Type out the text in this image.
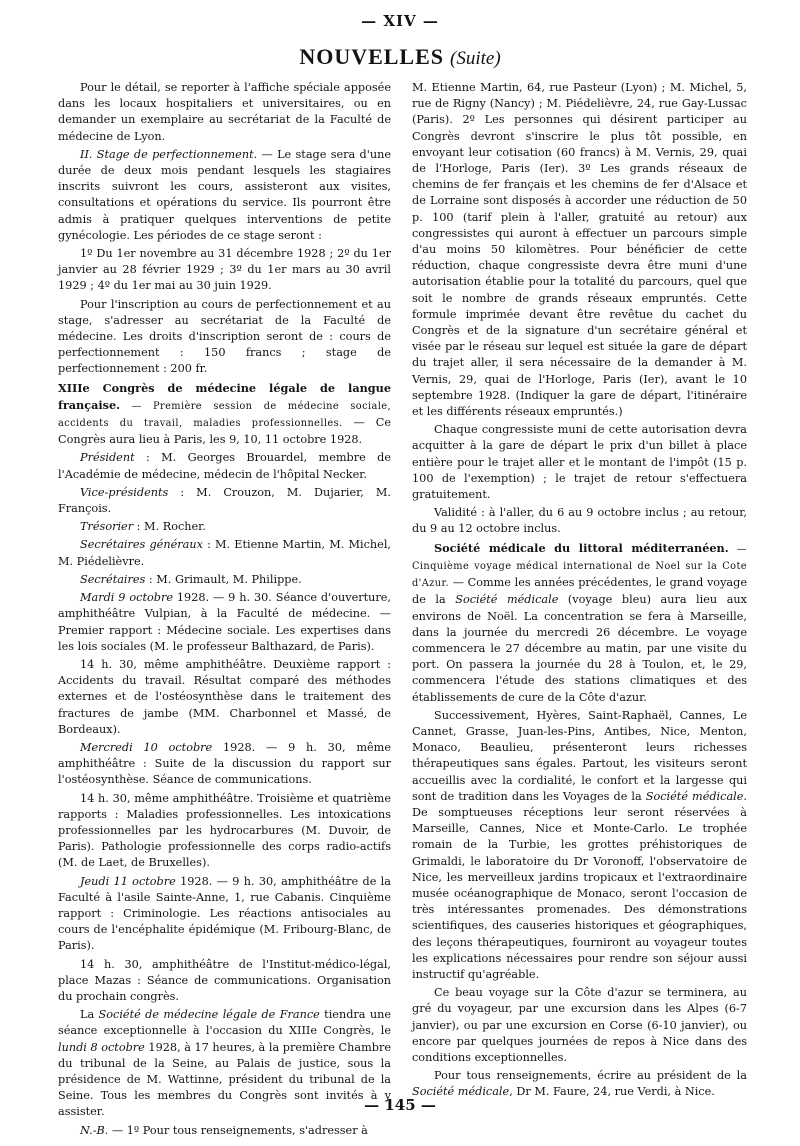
— XIV —
NOUVELLES (Suite)

Pour le détail, se reporter à l'affiche spéciale apposée dans les locaux hospitaliers et universitaires, ou en demander un exemplaire au secrétariat de la Faculté de médecine de Lyon.

II. Stage de perfectionnement. — Le stage sera d'une durée de deux mois pendant lesquels les stagiaires inscrits suivront les cours, assisteront aux visites, consultations et opérations du service. Ils pourront être admis à pratiquer quelques interventions de petite gynécologie. Les périodes de ce stage seront :

1º Du 1er novembre au 31 décembre 1928 ; 2º du 1er janvier au 28 février 1929 ; 3º du 1er mars au 30 avril 1929 ; 4º du 1er mai au 30 juin 1929.

Pour l'inscription au cours de perfectionnement et au stage, s'adresser au secrétariat de la Faculté de médecine. Les droits d'inscription seront de : cours de perfectionnement : 150 francs ; stage de perfectionnement : 200 fr.

XIIIe Congrès de médecine légale de langue française. — Première session de médecine sociale, accidents du travail, maladies professionnelles. — Ce Congrès aura lieu à Paris, les 9, 10, 11 octobre 1928.

Président : M. Georges Brouardel, membre de l'Académie de médecine, médecin de l'hôpital Necker.

Vice-présidents : M. Crouzon, M. Dujarier, M. François.

Trésorier : M. Rocher.

Secrétaires généraux : M. Etienne Martin, M. Michel, M. Piédelièvre.

Secrétaires : M. Grimault, M. Philippe.

Mardi 9 octobre 1928. — 9 h. 30. Séance d'ouverture, amphithéâtre Vulpian, à la Faculté de médecine. — Premier rapport : Médecine sociale. Les expertises dans les lois sociales (M. le professeur Balthazard, de Paris).

14 h. 30, même amphithéâtre. Deuxième rapport : Accidents du travail. Résultat comparé des méthodes externes et de l'ostéosynthèse dans le traitement des fractures de jambe (MM. Charbonnel et Massé, de Bordeaux).

Mercredi 10 octobre 1928. — 9 h. 30, même amphithéâtre : Suite de la discussion du rapport sur l'ostéosynthèse. Séance de communications.

14 h. 30, même amphithéâtre. Troisième et quatrième rapports : Maladies professionnelles. Les intoxications professionnelles par les hydrocarbures (M. Duvoir, de Paris). Pathologie professionnelle des corps radio-actifs (M. de Laet, de Bruxelles).

Jeudi 11 octobre 1928. — 9 h. 30, amphithéâtre de la Faculté à l'asile Sainte-Anne, 1, rue Cabanis. Cinquième rapport : Criminologie. Les réactions antisociales au cours de l'encéphalite épidémique (M. Fribourg-Blanc, de Paris).

14 h. 30, amphithéâtre de l'Institut-médico-légal, place Mazas : Séance de communications. Organisation du prochain congrès.

La Société de médecine légale de France tiendra une séance exceptionnelle à l'occasion du XIIIe Congrès, le lundi 8 octobre 1928, à 17 heures, à la première Chambre du tribunal de la Seine, au Palais de justice, sous la présidence de M. Wattinne, président du tribunal de la Seine. Tous les membres du Congrès sont invités à y assister.

N.-B. — 1º Pour tous renseignements, s'adresser à

M. Etienne Martin, 64, rue Pasteur (Lyon) ; M. Michel, 5, rue de Rigny (Nancy) ; M. Piédelièvre, 24, rue Gay-Lussac (Paris). 2º Les personnes qui désirent participer au Congrès devront s'inscrire le plus tôt possible, en envoyant leur cotisation (60 francs) à M. Vernis, 29, quai de l'Horloge, Paris (Ier). 3º Les grands réseaux de chemins de fer français et les chemins de fer d'Alsace et de Lorraine sont disposés à accorder une réduction de 50 p. 100 (tarif plein à l'aller, gratuité au retour) aux congressistes qui auront à effectuer un parcours simple d'au moins 50 kilomètres. Pour bénéficier de cette réduction, chaque congressiste devra être muni d'une autorisation établie pour la totalité du parcours, quel que soit le nombre de grands réseaux empruntés. Cette formule imprimée devant être revêtue du cachet du Congrès et de la signature d'un secrétaire général et visée par le réseau sur lequel est située la gare de départ du trajet aller, il sera nécessaire de la demander à M. Vernis, 29, quai de l'Horloge, Paris (Ier), avant le 10 septembre 1928. (Indiquer la gare de départ, l'itinéraire et les différents réseaux empruntés.)

Chaque congressiste muni de cette autorisation devra acquitter à la gare de départ le prix d'un billet à place entière pour le trajet aller et le montant de l'impôt (15 p. 100 de l'exemption) ; le trajet de retour s'effectuera gratuitement.

Validité : à l'aller, du 6 au 9 octobre inclus ; au retour, du 9 au 12 octobre inclus.

Société médicale du littoral méditerranéen. — Cinquième voyage médical international de Noel sur la Cote d'Azur. — Comme les années précédentes, le grand voyage de la Société médicale (voyage bleu) aura lieu aux environs de Noël. La concentration se fera à Marseille, dans la journée du mercredi 26 décembre. Le voyage commencera le 27 décembre au matin, par une visite du port. On passera la journée du 28 à Toulon, et, le 29, commencera l'étude des stations climatiques et des établissements de cure de la Côte d'azur.

Successivement, Hyères, Saint-Raphaël, Cannes, Le Cannet, Grasse, Juan-les-Pins, Antibes, Nice, Menton, Monaco, Beaulieu, présenteront leurs richesses thérapeutiques sans égales. Partout, les visiteurs seront accueillis avec la cordialité, le confort et la largesse qui sont de tradition dans les Voyages de la Société médicale. De somptueuses réceptions leur seront réservées à Marseille, Cannes, Nice et Monte-Carlo. Le trophée romain de la Turbie, les grottes préhistoriques de Grimaldi, le laboratoire du Dr Voronoff, l'observatoire de Nice, les merveilleux jardins tropicaux et l'extraordinaire musée océanographique de Monaco, seront l'occasion de très intéressantes promenades. Des démonstrations scientifiques, des causeries historiques et géographiques, des leçons thérapeutiques, fourniront au voyageur toutes les explications nécessaires pour rendre son séjour aussi instructif qu'agréable.

Ce beau voyage sur la Côte d'azur se terminera, au gré du voyageur, par une excursion dans les Alpes (6-7 janvier), ou par une excursion en Corse (6-10 janvier), ou encore par quelques journées de repos à Nice dans des conditions exceptionnelles.

Pour tous renseignements, écrire au président de la Société médicale, Dr M. Faure, 24, rue Verdi, à Nice.

— 145 —
